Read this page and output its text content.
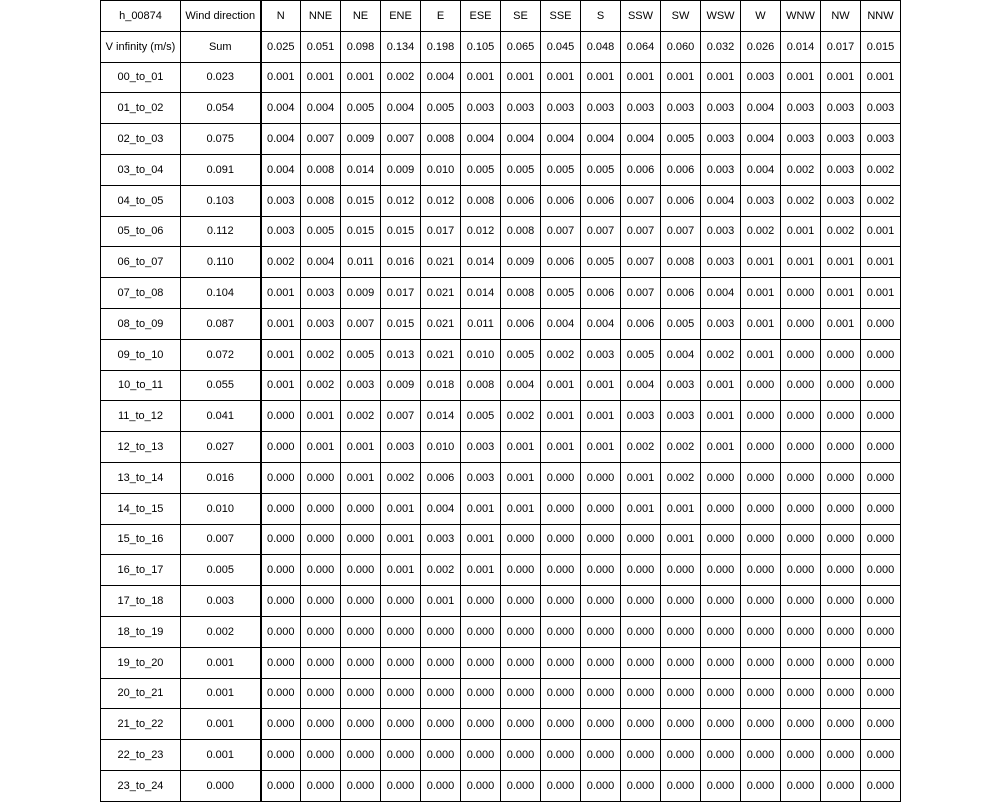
h_00874	Wind direction	N	NNE	NE	ENE	E	ESE	SE	SSE	S	SSW	SW	WSW	W	WNW	NW	NNW
V infinity (m/s)	Sum	0.025	0.051	0.098	0.134	0.198	0.105	0.065	0.045	0.048	0.064	0.060	0.032	0.026	0.014	0.017	0.015
00_to_01	0.023	0.001	0.001	0.001	0.002	0.004	0.001	0.001	0.001	0.001	0.001	0.001	0.001	0.003	0.001	0.001	0.001
01_to_02	0.054	0.004	0.004	0.005	0.004	0.005	0.003	0.003	0.003	0.003	0.003	0.003	0.003	0.004	0.003	0.003	0.003
02_to_03	0.075	0.004	0.007	0.009	0.007	0.008	0.004	0.004	0.004	0.004	0.004	0.005	0.003	0.004	0.003	0.003	0.003
03_to_04	0.091	0.004	0.008	0.014	0.009	0.010	0.005	0.005	0.005	0.005	0.006	0.006	0.003	0.004	0.002	0.003	0.002
04_to_05	0.103	0.003	0.008	0.015	0.012	0.012	0.008	0.006	0.006	0.006	0.007	0.006	0.004	0.003	0.002	0.003	0.002
05_to_06	0.112	0.003	0.005	0.015	0.015	0.017	0.012	0.008	0.007	0.007	0.007	0.007	0.003	0.002	0.001	0.002	0.001
06_to_07	0.110	0.002	0.004	0.011	0.016	0.021	0.014	0.009	0.006	0.005	0.007	0.008	0.003	0.001	0.001	0.001	0.001
07_to_08	0.104	0.001	0.003	0.009	0.017	0.021	0.014	0.008	0.005	0.006	0.007	0.006	0.004	0.001	0.000	0.001	0.001
08_to_09	0.087	0.001	0.003	0.007	0.015	0.021	0.011	0.006	0.004	0.004	0.006	0.005	0.003	0.001	0.000	0.001	0.000
09_to_10	0.072	0.001	0.002	0.005	0.013	0.021	0.010	0.005	0.002	0.003	0.005	0.004	0.002	0.001	0.000	0.000	0.000
10_to_11	0.055	0.001	0.002	0.003	0.009	0.018	0.008	0.004	0.001	0.001	0.004	0.003	0.001	0.000	0.000	0.000	0.000
11_to_12	0.041	0.000	0.001	0.002	0.007	0.014	0.005	0.002	0.001	0.001	0.003	0.003	0.001	0.000	0.000	0.000	0.000
12_to_13	0.027	0.000	0.001	0.001	0.003	0.010	0.003	0.001	0.001	0.001	0.002	0.002	0.001	0.000	0.000	0.000	0.000
13_to_14	0.016	0.000	0.000	0.001	0.002	0.006	0.003	0.001	0.000	0.000	0.001	0.002	0.000	0.000	0.000	0.000	0.000
14_to_15	0.010	0.000	0.000	0.000	0.001	0.004	0.001	0.001	0.000	0.000	0.001	0.001	0.000	0.000	0.000	0.000	0.000
15_to_16	0.007	0.000	0.000	0.000	0.001	0.003	0.001	0.000	0.000	0.000	0.000	0.001	0.000	0.000	0.000	0.000	0.000
16_to_17	0.005	0.000	0.000	0.000	0.001	0.002	0.001	0.000	0.000	0.000	0.000	0.000	0.000	0.000	0.000	0.000	0.000
17_to_18	0.003	0.000	0.000	0.000	0.000	0.001	0.000	0.000	0.000	0.000	0.000	0.000	0.000	0.000	0.000	0.000	0.000
18_to_19	0.002	0.000	0.000	0.000	0.000	0.000	0.000	0.000	0.000	0.000	0.000	0.000	0.000	0.000	0.000	0.000	0.000
19_to_20	0.001	0.000	0.000	0.000	0.000	0.000	0.000	0.000	0.000	0.000	0.000	0.000	0.000	0.000	0.000	0.000	0.000
20_to_21	0.001	0.000	0.000	0.000	0.000	0.000	0.000	0.000	0.000	0.000	0.000	0.000	0.000	0.000	0.000	0.000	0.000
21_to_22	0.001	0.000	0.000	0.000	0.000	0.000	0.000	0.000	0.000	0.000	0.000	0.000	0.000	0.000	0.000	0.000	0.000
22_to_23	0.001	0.000	0.000	0.000	0.000	0.000	0.000	0.000	0.000	0.000	0.000	0.000	0.000	0.000	0.000	0.000	0.000
23_to_24	0.000	0.000	0.000	0.000	0.000	0.000	0.000	0.000	0.000	0.000	0.000	0.000	0.000	0.000	0.000	0.000	0.000
